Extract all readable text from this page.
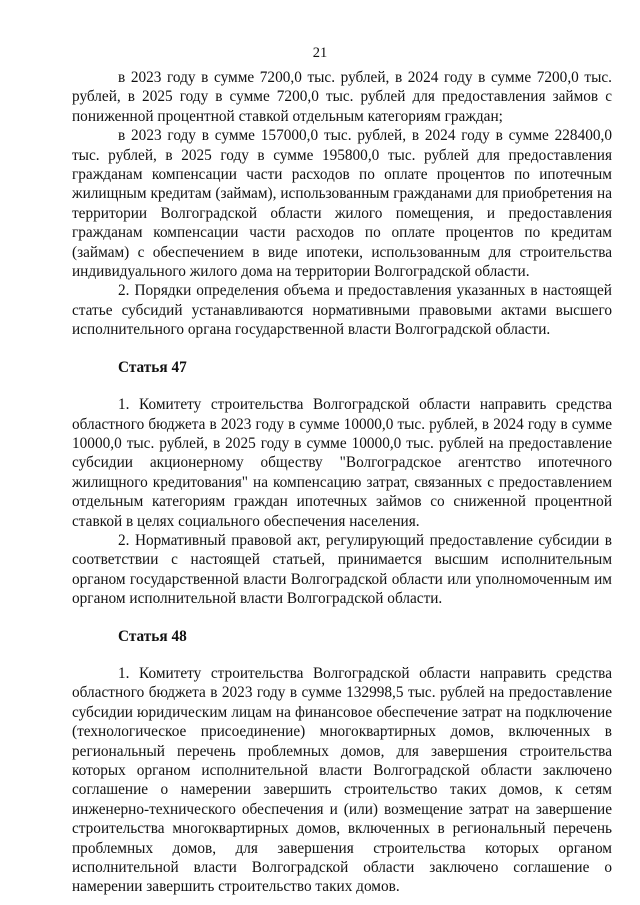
21

в 2023 году в сумме 7200,0 тыс. рублей, в 2024 году в сумме 7200,0 тыс. рублей, в 2025 году в сумме 7200,0 тыс. рублей для предоставления займов с пониженной процентной ставкой отдельным категориям граждан;

в 2023 году в сумме 157000,0 тыс. рублей, в 2024 году в сумме 228400,0 тыс. рублей, в 2025 году в сумме 195800,0 тыс. рублей для предоставления гражданам компенсации части расходов по оплате процентов по ипотечным жилищным кредитам (займам), использованным гражданами для приобретения на территории Волгоградской области жилого помещения, и предоставления гражданам компенсации части расходов по оплате процентов по кредитам (займам) с обеспечением в виде ипотеки, использованным для строительства индивидуального жилого дома на территории Волгоградской области.

2. Порядки определения объема и предоставления указанных в настоящей статье субсидий устанавливаются нормативными правовыми актами высшего исполнительного органа государственной власти Волгоградской области.

Статья 47

1. Комитету строительства Волгоградской области направить средства областного бюджета в 2023 году в сумме 10000,0 тыс. рублей, в 2024 году в сумме 10000,0 тыс. рублей, в 2025 году в сумме 10000,0 тыс. рублей на предоставление субсидии акционерному обществу "Волгоградское агентство ипотечного жилищного кредитования" на компенсацию затрат, связанных с предоставлением отдельным категориям граждан ипотечных займов со сниженной процентной ставкой в целях социального обеспечения населения.

2. Нормативный правовой акт, регулирующий предоставление субсидии в соответствии с настоящей статьей, принимается высшим исполнительным органом государственной власти Волгоградской области или уполномоченным им органом исполнительной власти Волгоградской области.

Статья 48

1. Комитету строительства Волгоградской области направить средства областного бюджета в 2023 году в сумме 132998,5 тыс. рублей на предоставление субсидии юридическим лицам на финансовое обеспечение затрат на подключение (технологическое присоединение) многоквартирных домов, включенных в региональный перечень проблемных домов, для завершения строительства которых органом исполнительной власти Волгоградской области заключено соглашение о намерении завершить строительство таких домов, к сетям инженерно-технического обеспечения и (или) возмещение затрат на завершение строительства многоквартирных домов, включенных в региональный перечень проблемных домов, для завершения строительства которых органом исполнительной власти Волгоградской области заключено соглашение о намерении завершить строительство таких домов.
